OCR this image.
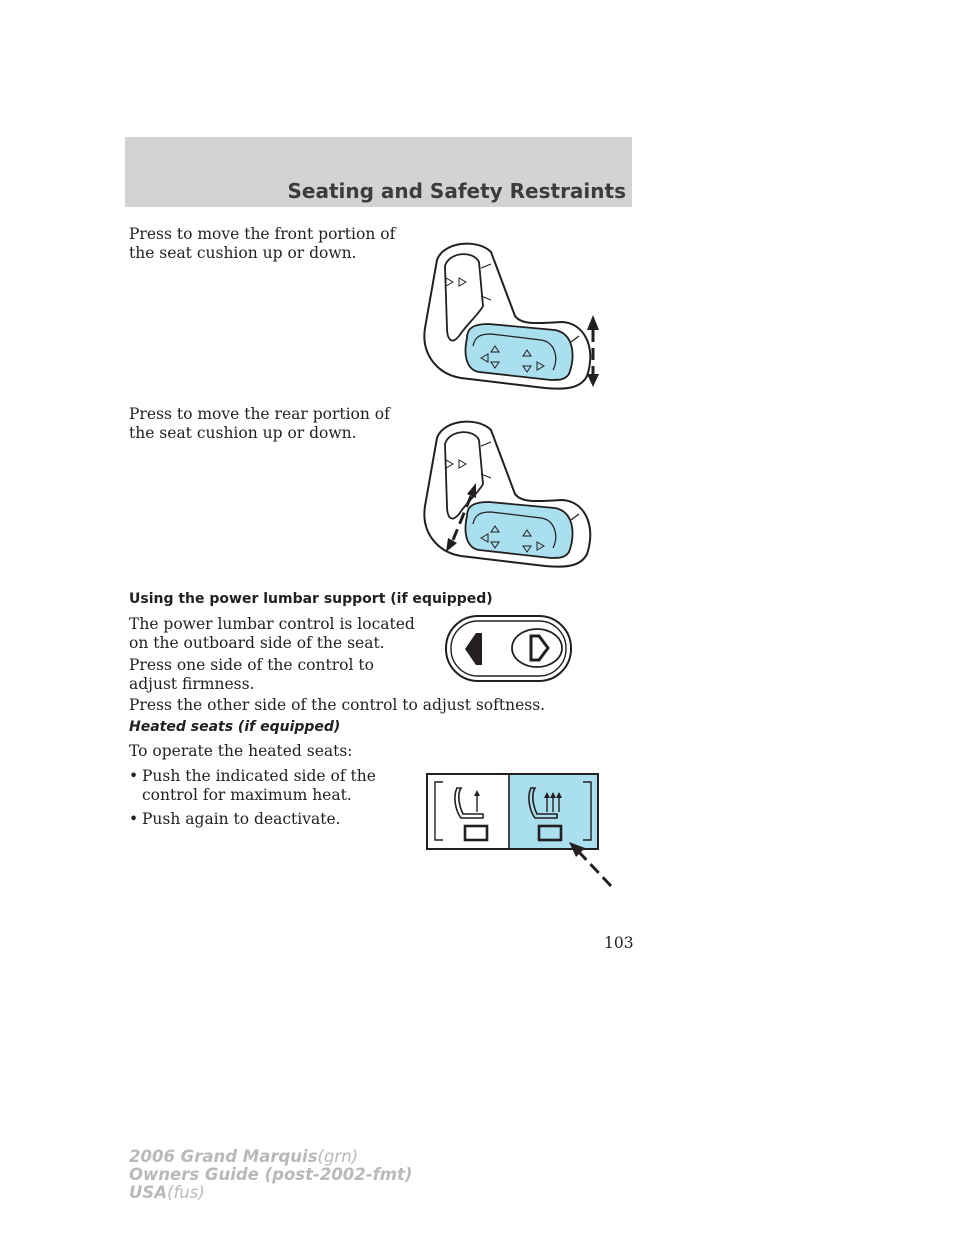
Seating and Safety Restraints

Press to move the front portion of
the seat cushion up or down.

Press to move the rear portion of
the seat cushion up or down.

Using the power lumbar support (if equipped)

The power lumbar control is located
on the outboard side of the seat.

Press one side of the control to
adjust firmness.

Press the other side of the control to adjust softness.

Heated seats (if equipped)

To operate the heated seats:

• Push the indicated side of the
control for maximum heat.
• Push again to deactivate.
103
2006 Grand Marquis(grn)
Owners Guide (post-2002-fmt)
USA(fus)
